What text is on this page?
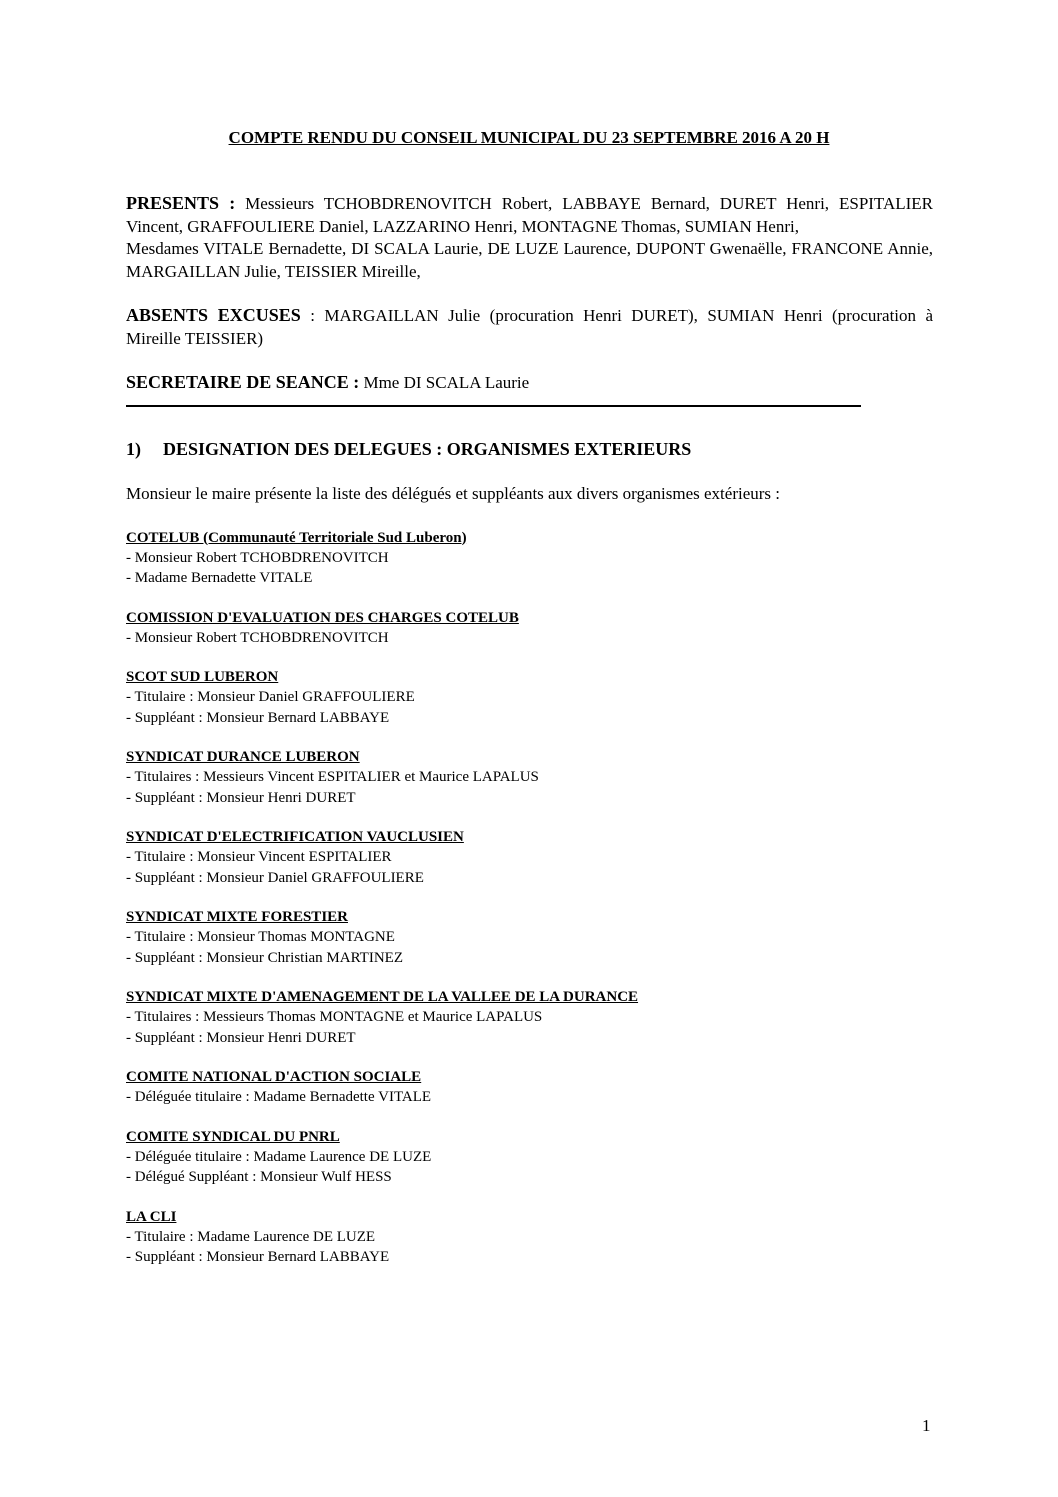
COMPTE RENDU DU CONSEIL MUNICIPAL DU 23 SEPTEMBRE 2016 A 20 H

PRESENTS : Messieurs TCHOBDRENOVITCH Robert, LABBAYE Bernard, DURET Henri, ESPITALIER Vincent, GRAFFOULIERE Daniel, LAZZARINO Henri, MONTAGNE Thomas, SUMIAN Henri,

Mesdames VITALE Bernadette, DI SCALA Laurie, DE LUZE Laurence, DUPONT Gwenaëlle, FRANCONE Annie, MARGAILLAN Julie, TEISSIER Mireille,

ABSENTS EXCUSES : MARGAILLAN Julie (procuration Henri DURET), SUMIAN Henri (procuration à Mireille TEISSIER)

SECRETAIRE DE SEANCE : Mme DI SCALA Laurie

1)	DESIGNATION DES DELEGUES : ORGANISMES EXTERIEURS
Monsieur le maire présente la liste des délégués et suppléants aux divers organismes extérieurs :
COTELUB (Communauté Territoriale Sud Luberon)
- Monsieur Robert TCHOBDRENOVITCH
- Madame Bernadette VITALE
COMISSION D'EVALUATION DES CHARGES COTELUB
- Monsieur Robert TCHOBDRENOVITCH
SCOT SUD LUBERON
- Titulaire : Monsieur Daniel GRAFFOULIERE
- Suppléant : Monsieur Bernard LABBAYE
SYNDICAT DURANCE LUBERON
- Titulaires : Messieurs Vincent ESPITALIER et Maurice LAPALUS
- Suppléant : Monsieur Henri DURET
SYNDICAT D'ELECTRIFICATION VAUCLUSIEN
- Titulaire : Monsieur Vincent ESPITALIER
- Suppléant : Monsieur Daniel GRAFFOULIERE
SYNDICAT MIXTE FORESTIER
- Titulaire : Monsieur Thomas MONTAGNE
- Suppléant : Monsieur Christian MARTINEZ
SYNDICAT MIXTE D'AMENAGEMENT DE LA VALLEE DE LA DURANCE
- Titulaires : Messieurs Thomas MONTAGNE et Maurice LAPALUS
- Suppléant : Monsieur Henri DURET
COMITE NATIONAL D'ACTION SOCIALE
- Déléguée titulaire : Madame Bernadette VITALE
COMITE SYNDICAL DU PNRL
- Déléguée titulaire : Madame Laurence DE LUZE
- Délégué Suppléant : Monsieur Wulf HESS
LA CLI
- Titulaire : Madame Laurence DE LUZE
- Suppléant : Monsieur Bernard LABBAYE
1
